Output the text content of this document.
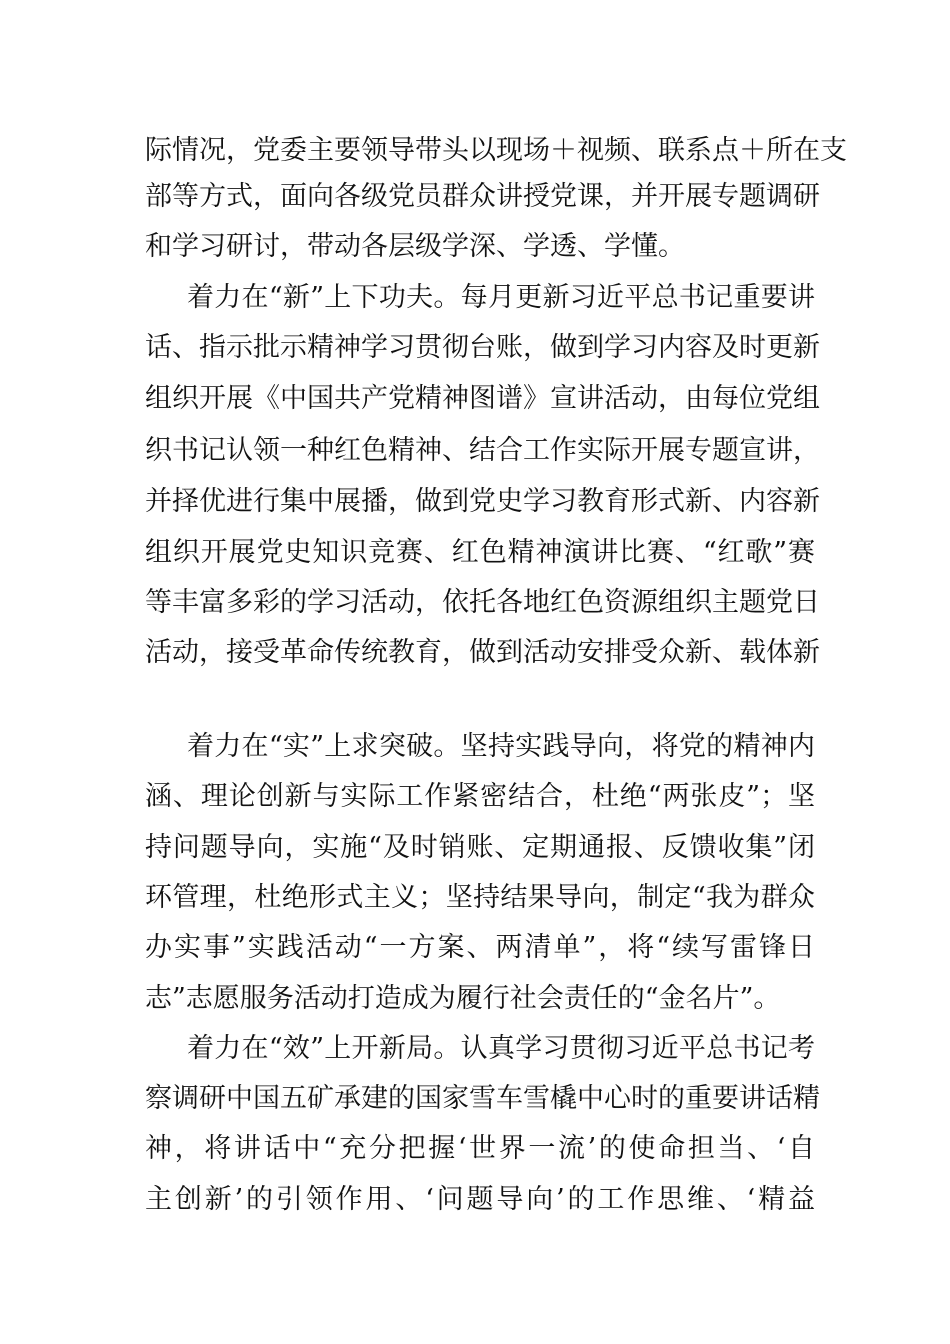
际情况，党委主要领导带头以现场＋视频、联系点＋所在支
部等方式，面向各级党员群众讲授党课，并开展专题调研
和学习研讨，带动各层级学深、学透、学懂。
着力在“新”上下功夫。每月更新习近平总书记重要讲
话、指示批示精神学习贯彻台账，做到学习内容及时更新
组织开展《中国共产党精神图谱》宣讲活动，由每位党组
织书记认领一种红色精神、结合工作实际开展专题宣讲，
并择优进行集中展播，做到党史学习教育形式新、内容新
组织开展党史知识竞赛、红色精神演讲比赛、“红歌”赛
等丰富多彩的学习活动，依托各地红色资源组织主题党日
活动，接受革命传统教育，做到活动安排受众新、载体新
着力在“实”上求突破。坚持实践导向，将党的精神内
涵、理论创新与实际工作紧密结合，杜绝“两张皮”；坚
持问题导向，实施“及时销账、定期通报、反馈收集”闭
环管理，杜绝形式主义；坚持结果导向，制定“我为群众
办实事”实践活动“一方案、两清单”，将“续写雷锋日
志”志愿服务活动打造成为履行社会责任的“金名片”。
着力在“效”上开新局。认真学习贯彻习近平总书记考
察调研中国五矿承建的国家雪车雪橇中心时的重要讲话精
神，将讲话中“充分把握‘世界一流’的使命担当、‘自
主创新’的引领作用、‘问题导向’的工作思维、‘精益
